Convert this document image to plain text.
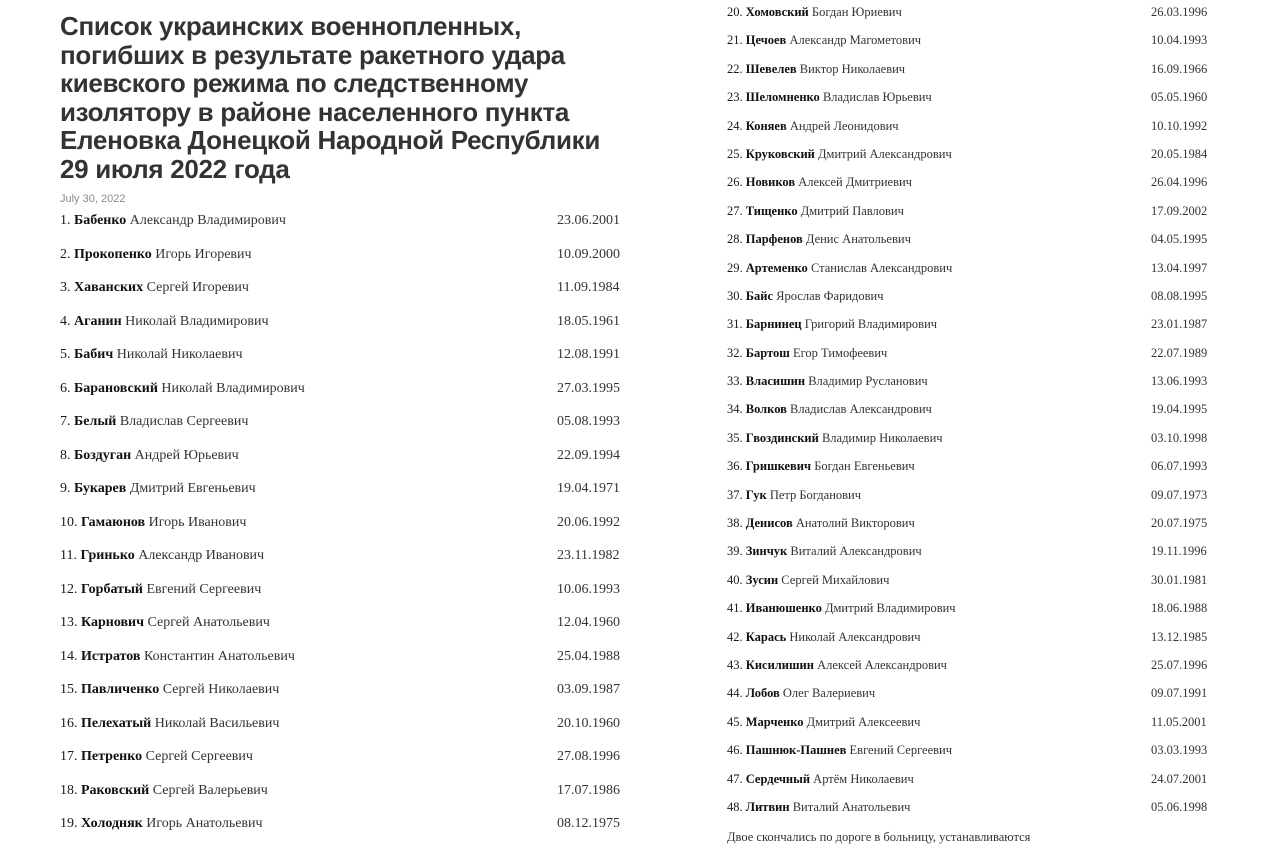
Список украинских военнопленных,
погибших в результате ракетного удара
киевского режима по следственному
изолятору в районе населенного пункта
Еленовка Донецкой Народной Республики
29 июля 2022 года
July 30, 2022
1. Бабенко Александр Владимирович	23.06.2001
2. Прокопенко Игорь Игоревич	10.09.2000
3. Хаванских Сергей Игоревич	11.09.1984
4. Аганин Николай Владимирович	18.05.1961
5. Бабич Николай Николаевич	12.08.1991
6. Барановский Николай Владимирович	27.03.1995
7. Белый Владислав Сергеевич	05.08.1993
8. Боздуган Андрей Юрьевич	22.09.1994
9. Букарев Дмитрий Евгеньевич	19.04.1971
10. Гамаюнов Игорь Иванович	20.06.1992
11. Гринько Александр Иванович	23.11.1982
12. Горбатый Евгений Сергеевич	10.06.1993
13. Карнович Сергей Анатольевич	12.04.1960
14. Истратов Константин Анатольевич	25.04.1988
15. Павличенко Сергей Николаевич	03.09.1987
16. Пелехатый Николай Васильевич	20.10.1960
17. Петренко Сергей Сергеевич	27.08.1996
18. Раковский Сергей Валерьевич	17.07.1986
19. Холодняк Игорь Анатольевич	08.12.1975
20. Хомовский Богдан Юриевич	26.03.1996
21. Цечоев Александр Магометович	10.04.1993
22. Шевелев Виктор Николаевич	16.09.1966
23. Шеломненко Владислав Юрьевич	05.05.1960
24. Коняев Андрей Леонидович	10.10.1992
25. Круковский Дмитрий Александрович	20.05.1984
26. Новиков Алексей Дмитриевич	26.04.1996
27. Тищенко Дмитрий Павлович	17.09.2002
28. Парфенов Денис Анатольевич	04.05.1995
29. Артеменко Станислав Александрович	13.04.1997
30. Байс Ярослав Фаридович	08.08.1995
31. Барнинец Григорий Владимирович	23.01.1987
32. Бартош Егор Тимофеевич	22.07.1989
33. Власишин Владимир Русланович	13.06.1993
34. Волков Владислав Александрович	19.04.1995
35. Гвоздинский Владимир Николаевич	03.10.1998
36. Гришкевич Богдан Евгеньевич	06.07.1993
37. Гук Петр Богданович	09.07.1973
38. Денисов Анатолий Викторович	20.07.1975
39. Зинчук Виталий Александрович	19.11.1996
40. Зусин Сергей Михайлович	30.01.1981
41. Иванюшенко Дмитрий Владимирович	18.06.1988
42. Карась Николай Александрович	13.12.1985
43. Кисилишин Алексей Александрович	25.07.1996
44. Лобов Олег Валериевич	09.07.1991
45. Марченко Дмитрий Алексеевич	11.05.2001
46. Пашнюк-Пашнев Евгений Сергеевич	03.03.1993
47. Сердечный Артём Николаевич	24.07.2001
48. Литвин Виталий Анатольевич	05.06.1998
Двое скончались по дороге в больницу, устанавливаются
